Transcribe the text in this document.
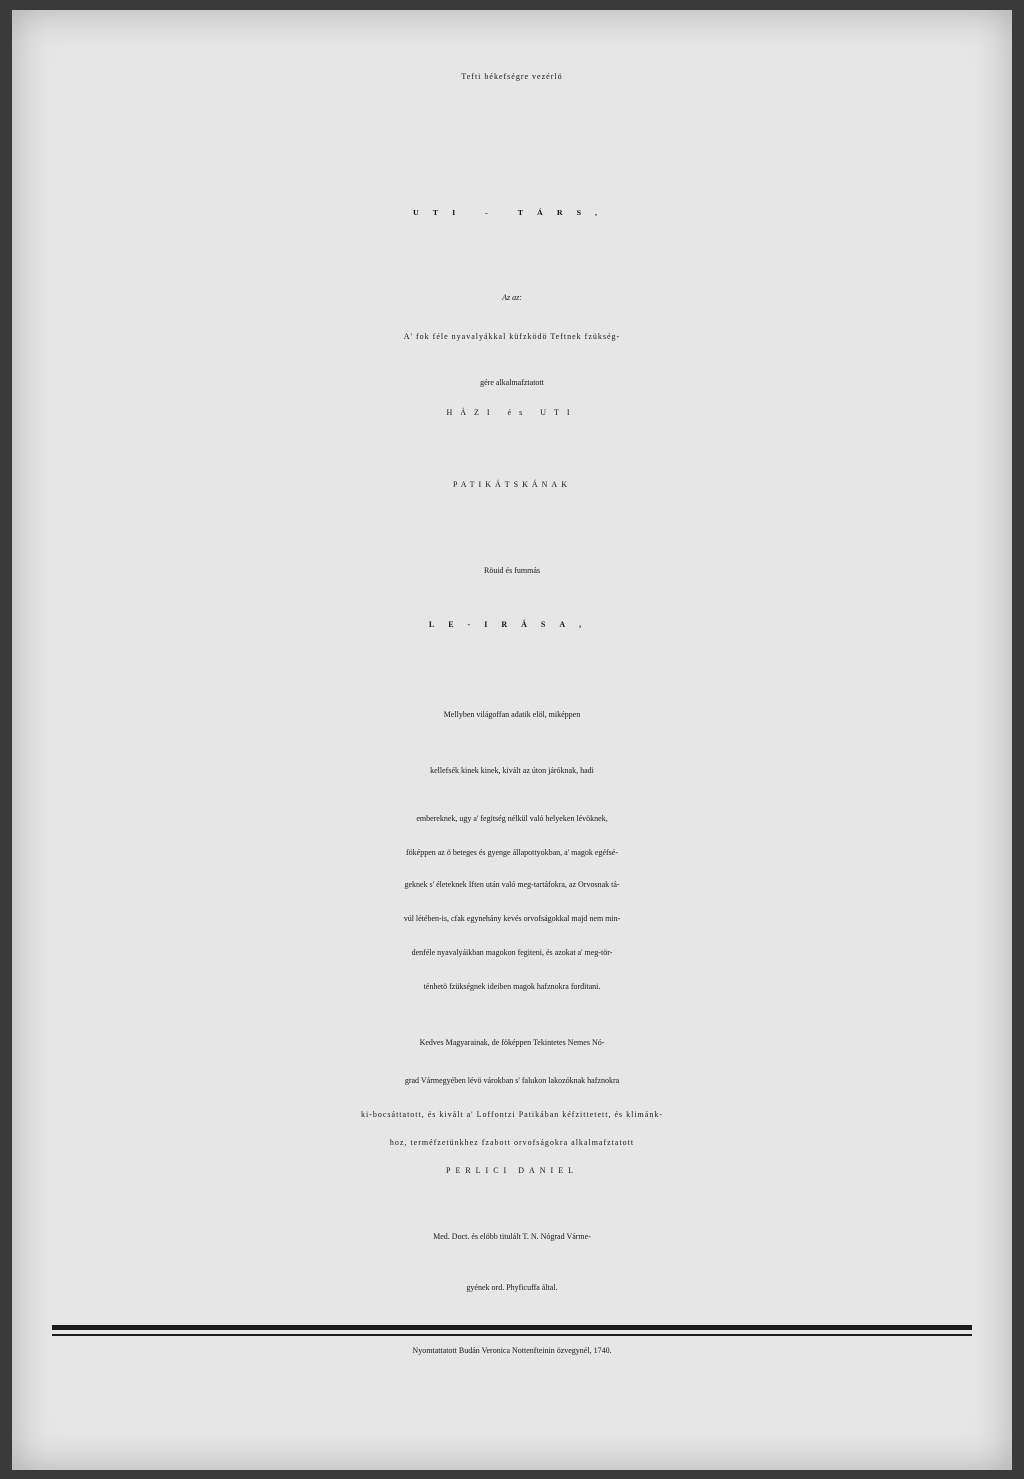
Tefti békefségre vezérlö
UTI - TÁRS,
Az az:
A' fok féle nyavalyákkal küfzködö Teftnek fzükség-
gére alkalmafztatott
HÁZI és UTI
PATIKÁTSKÁNAK
Röuid és fummás
LE-IRÁSA,
Mellyben világoffan adatik elöl, miképpen
kellefsék kinek kinek, kivált az úton járóknak, hadi
embereknek, ugy a' fegitség nélkül való helyeken lévöknek,
föképpen az ö beteges és gyenge állapottyokban, a' magok egéfsé-
geknek s' életeknek Iften után való meg-tartáfokra, az Orvosnak tá-
vúl létében-is, cfak egynehány kevés orvofságokkal majd nem min-
denféle nyavalyáikban magokon fegiteni, és azokat a' meg-tör-
ténhetö fzükségnek ideiben magok hafznokra forditani.
Kedves Magyarainak, de föképpen Tekintetes Nemes Nó-
grad Vármegyében lévö várokban s' falukon lakozóknak hafznokra
ki-bocsáttatott, és kivált a' Loffontzi Patikában kéfzittetett, és klimánk-
hoz, terméfzetünkhez fzabott orvofságokra alkalmafztatott
PERLICI DANIEL
Med. Doct. és elöbb titulált T. N. Nógrad Várme-
gyének ord. Phyficuffa által.
Nyomtattatott Budán Veronica Nottenfteinin özvegynél, 1740.
